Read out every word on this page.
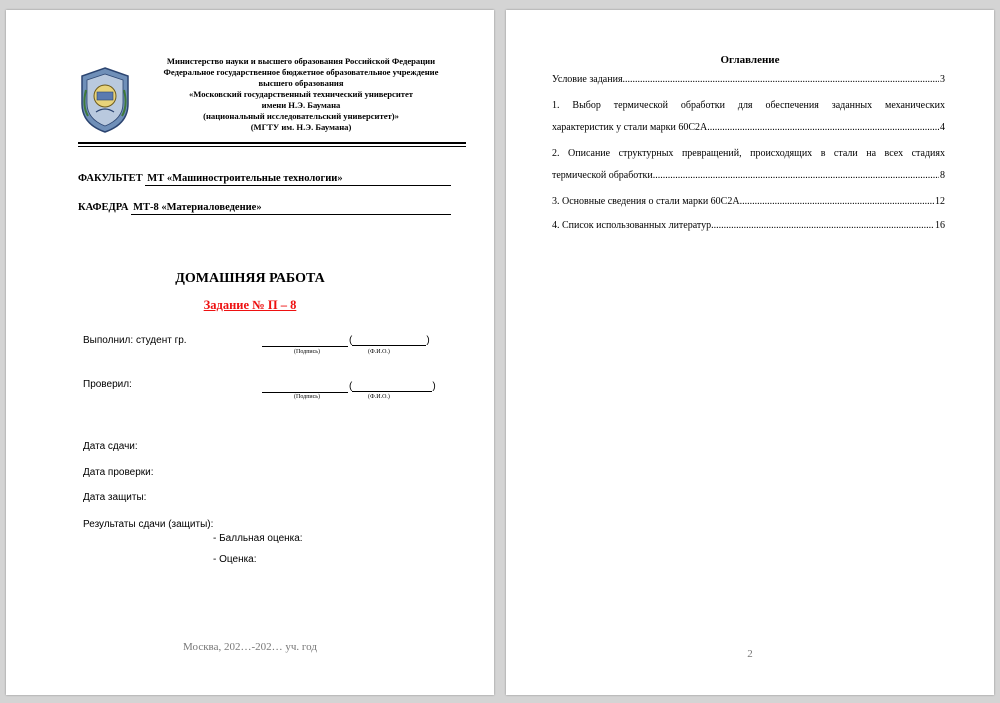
Министерство науки и высшего образования Российской Федерации
Федеральное государственное бюджетное образовательное учреждение
высшего образования
«Московский государственный технический университет
имени Н.Э. Баумана
(национальный исследовательский университет)»
(МГТУ им. Н.Э. Баумана)
ФАКУЛЬТЕТ МТ «Машиностроительные технологии»
КАФЕДРА МТ-8 «Материаловедение»
ДОМАШНЯЯ РАБОТА
Задание № П – 8
Выполнил: студент гр.	(	)
(Подпись)	(Ф.И.О.)
Проверил:	(	)
(Подпись)	(Ф.И.О.)
Дата сдачи:
Дата проверки:
Дата защиты:
Результаты сдачи (защиты):
- Балльная оценка:
- Оценка:
Москва, 202…-202… уч. год
Оглавление
Условие задания .....	3
1. Выбор термической обработки для обеспечения заданных механических
характеристик у стали марки 60С2А .....	4
2. Описание структурных превращений, происходящих в стали на всех стадиях
термической обработки .....	8
3. Основные сведения о стали марки 60С2А .....	12
4. Список использованных литератур .....	16
2
